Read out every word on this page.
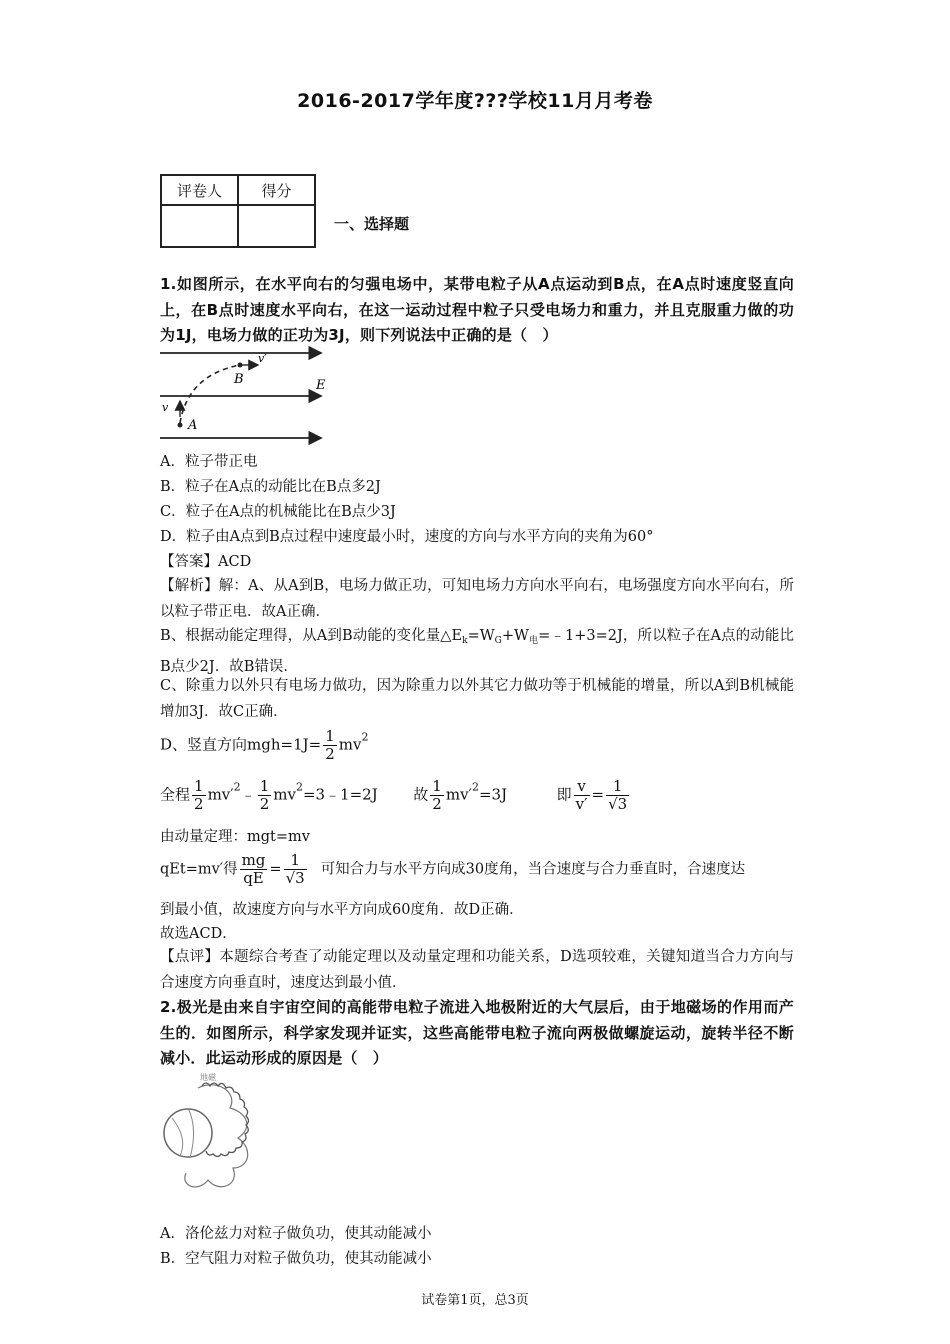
2016-2017学年度???学校11月月考卷
评卷人	得分

一、选择题
1.如图所示，在水平向右的匀强电场中，某带电粒子从A点运动到B点，在A点时速度竖直向上，在B点时速度水平向右，在这一运动过程中粒子只受电场力和重力，并且克服重力做的功为1J，电场力做的正功为3J，则下列说法中正确的是（　）
v′
B	E
v
A
A．粒子带正电
B．粒子在A点的动能比在B点多2J
C．粒子在A点的机械能比在B点少3J
D．粒子由A点到B点过程中速度最小时，速度的方向与水平方向的夹角为60°
【答案】ACD
【解析】解：A、从A到B，电场力做正功，可知电场力方向水平向右，电场强度方向水平向右，所以粒子带正电．故A正确．
B、根据动能定理得，从A到B动能的变化量$\triangle E_k=W_G+W_电=﹣1+3=2J$，所以粒子在A点的动能比B点少2J．故B错误．
C、除重力以外只有电场力做功，因为除重力以外其它力做功等于机械能的增量，所以A到B机械能增加3J．故C正确．
D、竖直方向$mgh=1J= \frac{1}{2} mv^2$
全程 $\frac{1}{2}$ $mv'^2﹣ \frac{1}{2}$ $mv^2=3﹣1=2J$ 故 $\frac{1}{2} mv'^2=3J$	即 $\frac{v}{v'} = \frac{1}{√3}$
由动量定理：mgt=mv
qEt=mv′得 $\frac{mg}{qE} = \frac{1}{√3}$ 可知合力与水平方向成30度角，当合速度与合力垂直时，合速度达
到最小值，故速度方向与水平方向成60度角．故D正确．
故选ACD．
【点评】本题综合考查了动能定理以及动量定理和功能关系，D选项较难，关键知道当合力方向与合速度方向垂直时，速度达到最小值．
2.极光是由来自宇宙空间的高能带电粒子流进入地极附近的大气层后，由于地磁场的作用而产生的．如图所示，科学家发现并证实，这些高能带电粒子流向两极做螺旋运动，旋转半径不断减小．此运动形成的原因是（　）
地磁
A．洛伦兹力对粒子做负功，使其动能减小
B．空气阻力对粒子做负功，使其动能减小
试卷第1页，总3页
